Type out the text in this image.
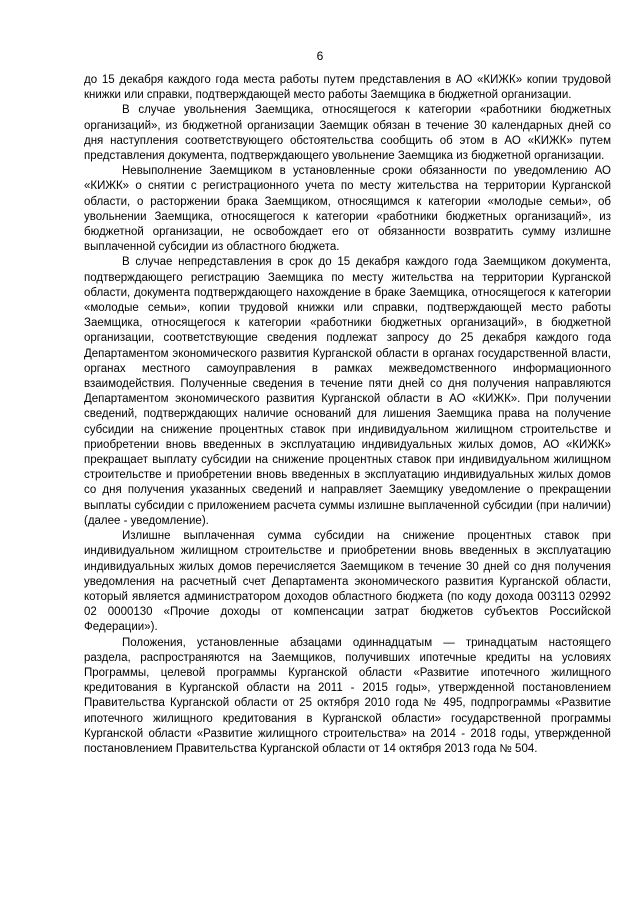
6

до 15 декабря каждого года места работы путем представления в АО «КИЖК» копии трудовой книжки или справки, подтверждающей место работы Заемщика в бюджетной организации.

В случае увольнения Заемщика, относящегося к категории «работники бюджетных организаций», из бюджетной организации Заемщик обязан в течение 30 календарных дней со дня наступления соответствующего обстоятельства сообщить об этом в АО «КИЖК» путем представления документа, подтверждающего увольнение Заемщика из бюджетной организации.

Невыполнение Заемщиком в установленные сроки обязанности по уведомлению АО «КИЖК» о снятии с регистрационного учета по месту жительства на территории Курганской области, о расторжении брака Заемщиком, относящимся к категории «молодые семьи», об увольнении Заемщика, относящегося к категории «работники бюджетных организаций», из бюджетной организации, не освобождает его от обязанности возвратить сумму излишне выплаченной субсидии из областного бюджета.

В случае непредставления в срок до 15 декабря каждого года Заемщиком документа, подтверждающего регистрацию Заемщика по месту жительства на территории Курганской области, документа подтверждающего нахождение в браке Заемщика, относящегося к категории «молодые семьи», копии трудовой книжки или справки, подтверждающей место работы Заемщика, относящегося к категории «работники бюджетных организаций», в бюджетной организации, соответствующие сведения подлежат запросу до 25 декабря каждого года Департаментом экономического развития Курганской области в органах государственной власти, органах местного самоуправления в рамках межведомственного информационного взаимодействия. Полученные сведения в течение пяти дней со дня получения направляются Департаментом экономического развития Курганской области в АО «КИЖК». При получении сведений, подтверждающих наличие оснований для лишения Заемщика права на получение субсидии на снижение процентных ставок при индивидуальном жилищном строительстве и приобретении вновь введенных в эксплуатацию индивидуальных жилых домов, АО «КИЖК» прекращает выплату субсидии на снижение процентных ставок при индивидуальном жилищном строительстве и приобретении вновь введенных в эксплуатацию индивидуальных жилых домов со дня получения указанных сведений и направляет Заемщику уведомление о прекращении выплаты субсидии с приложением расчета суммы излишне выплаченной субсидии (при наличии) (далее - уведомление).

Излишне выплаченная сумма субсидии на снижение процентных ставок при индивидуальном жилищном строительстве и приобретении вновь введенных в эксплуатацию индивидуальных жилых домов перечисляется Заемщиком в течение 30 дней со дня получения уведомления на расчетный счет Департамента экономического развития Курганской области, который является администратором доходов областного бюджета (по коду дохода 003113 02992 02 0000130 «Прочие доходы от компенсации затрат бюджетов субъектов Российской Федерации»).

Положения, установленные абзацами одиннадцатым — тринадцатым настоящего раздела, распространяются на Заемщиков, получивших ипотечные кредиты на условиях Программы, целевой программы Курганской области «Развитие ипотечного жилищного кредитования в Курганской области на 2011 - 2015 годы», утвержденной постановлением Правительства Курганской области от 25 октября 2010 года № 495, подпрограммы «Развитие ипотечного жилищного кредитования в Курганской области» государственной программы Курганской области «Развитие жилищного строительства» на 2014 - 2018 годы, утвержденной постановлением Правительства Курганской области от 14 октября 2013 года № 504.
